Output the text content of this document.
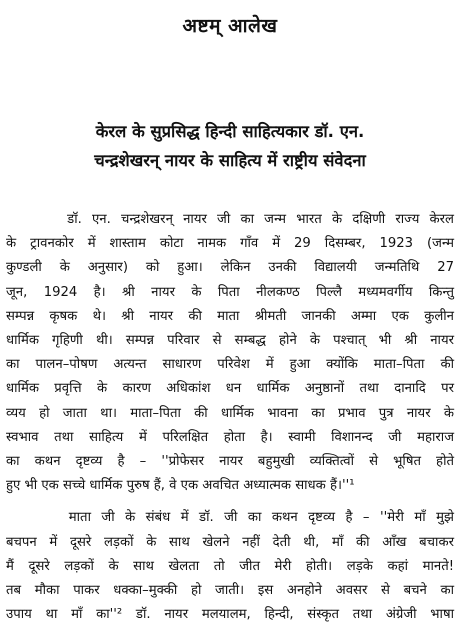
अष्टम् आलेख
केरल के सुप्रसिद्ध हिन्दी साहित्यकार डॉ. एन.
चन्द्रशेखरन् नायर के साहित्य में राष्ट्रीय संवेदना
डॉ. एन. चन्द्रशेखरन् नायर जी का जन्म भारत के दक्षिणी राज्य केरल
के ट्रावनकोर में शास्ताम कोटा नामक गाँव में 29 दिसम्बर, 1923 (जन्म
कुण्डली के अनुसार) को हुआ। लेकिन उनकी विद्यालयी जन्मतिथि 27
जून, 1924 है। श्री नायर के पिता नीलकण्ठ पिल्लै मध्यमवर्गीय किन्तु
सम्पन्न कृषक थे। श्री नायर की माता श्रीमती जानकी अम्मा एक कुलीन
धार्मिक गृहिणी थी। सम्पन्न परिवार से सम्बद्ध होने के पश्चात् भी श्री नायर
का पालन–पोषण अत्यन्त साधारण परिवेश में हुआ क्योंकि माता–पिता की
धार्मिक प्रवृत्ति के कारण अधिकांश धन धार्मिक अनुष्ठानों तथा दानादि पर
व्यय हो जाता था। माता–पिता की धार्मिक भावना का प्रभाव पुत्र नायर के
स्वभाव तथा साहित्य में परिलक्षित होता है। स्वामी विशानन्द जी महाराज
का कथन दृष्टव्य है – ''प्रोफेसर नायर बहुमुखी व्यक्तित्वों से भूषित होते
हुए भी एक सच्चे धार्मिक पुरुष हैं, वे एक अवचित अध्यात्मक साधक हैं।''¹
माता जी के संबंध में डॉ. जी का कथन दृष्टव्य है – ''मेरी माँ मुझे
बचपन में दूसरे लड़कों के साथ खेलने नहीं देती थी, माँ की आँख बचाकर
मैं दूसरे लड़कों के साथ खेलता तो जीत मेरी होती। लड़के कहां मानते!
तब मौका पाकर धक्का–मुक्की हो जाती। इस अनहोने अवसर से बचने का
उपाय था माँ का''² डॉ. नायर मलयालम, हिन्दी, संस्कृत तथा अंग्रेजी भाषा
